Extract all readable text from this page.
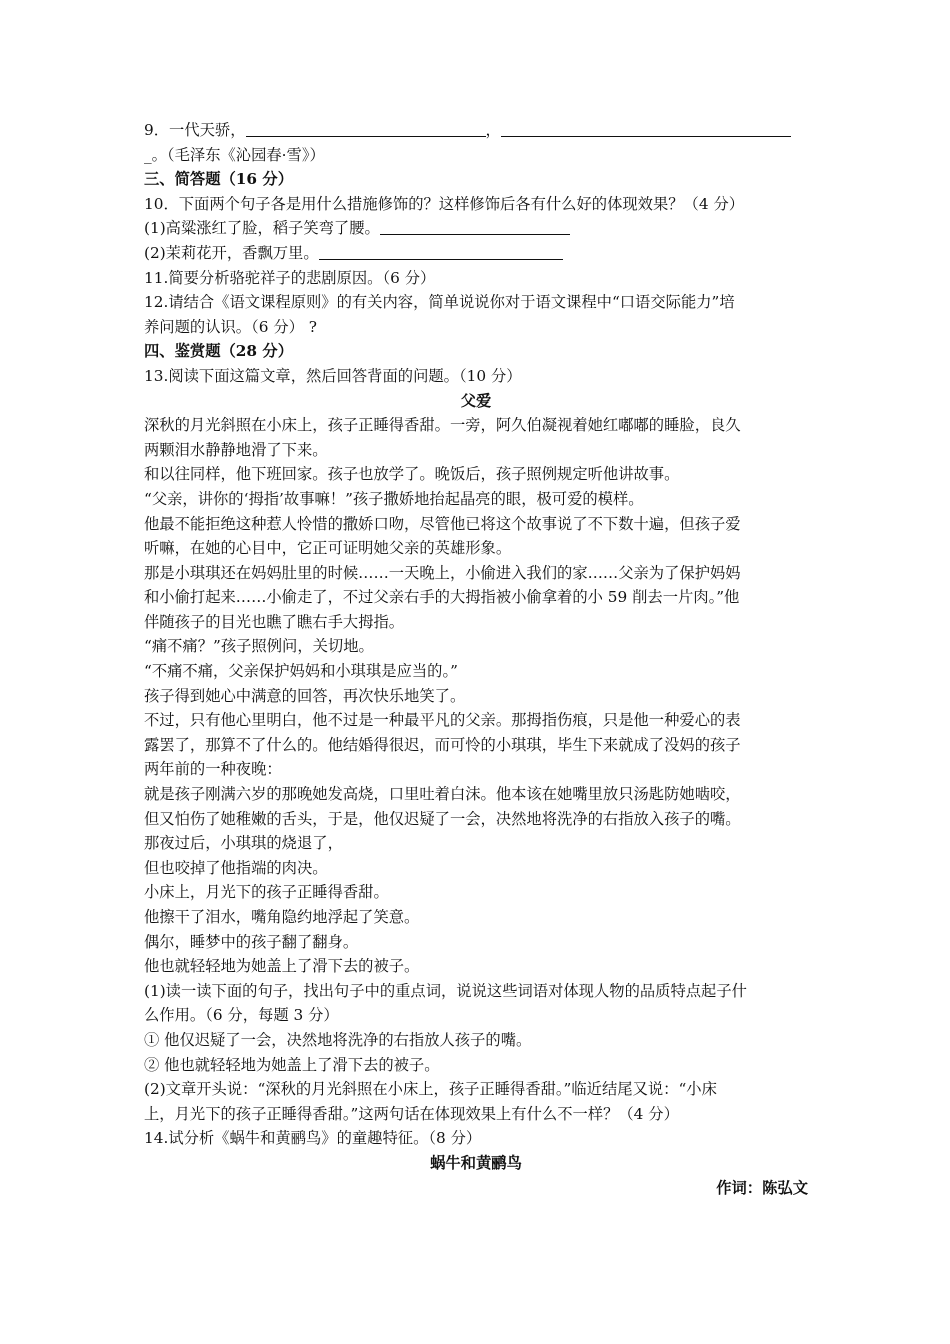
9．一代天骄，	，
_。（毛泽东《沁园春·雪》）
三、简答题（16 分）
10．下面两个句子各是用什么措施修饰的？这样修饰后各有什么好的体现效果？（4 分）
(1)高粱涨红了脸，稻子笑弯了腰。
(2)茉莉花开，香飘万里。
11.简要分析骆驼祥子的悲剧原因。（6 分）
12.请结合《语文课程原则》的有关内容，简单说说你对于语文课程中“口语交际能力”培
养问题的认识。（6 分） ?
四、鉴赏题（28 分）
13.阅读下面这篇文章，然后回答背面的问题。（10 分）
父爱
深秋的月光斜照在小床上，孩子正睡得香甜。一旁，阿久伯凝视着她红嘟嘟的睡脸，良久
两颗泪水静静地滑了下来。
和以往同样，他下班回家。孩子也放学了。晚饭后，孩子照例规定听他讲故事。
“父亲，讲你的‘拇指’故事嘛！”孩子撒娇地抬起晶亮的眼，极可爱的模样。
他最不能拒绝这种惹人怜惜的撒娇口吻，尽管他已将这个故事说了不下数十遍，但孩子爱
听嘛，在她的心目中，它正可证明她父亲的英雄形象。
那是小琪琪还在妈妈肚里的时候……一天晚上，小偷进入我们的家……父亲为了保护妈妈
和小偷打起来……小偷走了，不过父亲右手的大拇指被小偷拿着的小 59 削去一片肉。”他
伴随孩子的目光也瞧了瞧右手大拇指。
“痛不痛？”孩子照例问，关切地。
“不痛不痛，父亲保护妈妈和小琪琪是应当的。”
孩子得到她心中满意的回答，再次快乐地笑了。
不过，只有他心里明白，他不过是一种最平凡的父亲。那拇指伤痕，只是他一种爱心的表
露罢了，那算不了什么的。他结婚得很迟，而可怜的小琪琪，毕生下来就成了没妈的孩子
两年前的一种夜晚：
就是孩子刚满六岁的那晚她发高烧，口里吐着白沫。他本该在她嘴里放只汤匙防她啮咬，
但又怕伤了她稚嫩的舌头，于是，他仅迟疑了一会，决然地将洗净的右指放入孩子的嘴。
那夜过后，小琪琪的烧退了，
但也咬掉了他指端的肉决。
小床上，月光下的孩子正睡得香甜。
他擦干了泪水，嘴角隐约地浮起了笑意。
偶尔，睡梦中的孩子翻了翻身。
他也就轻轻地为她盖上了滑下去的被子。
(1)读一读下面的句子，找出句子中的重点词，说说这些词语对体现人物的品质特点起子什
么作用。（6 分，每题 3 分）
① 他仅迟疑了一会，决然地将洗净的右指放人孩子的嘴。
② 他也就轻轻地为她盖上了滑下去的被子。
(2)文章开头说：“深秋的月光斜照在小床上，孩子正睡得香甜。”临近结尾又说：“小床
上，月光下的孩子正睡得香甜。”这两句话在体现效果上有什么不一样？（4 分）
14.试分析《蜗牛和黄鹂鸟》的童趣特征。（8 分）
蜗牛和黄鹂鸟
作词：陈弘文
